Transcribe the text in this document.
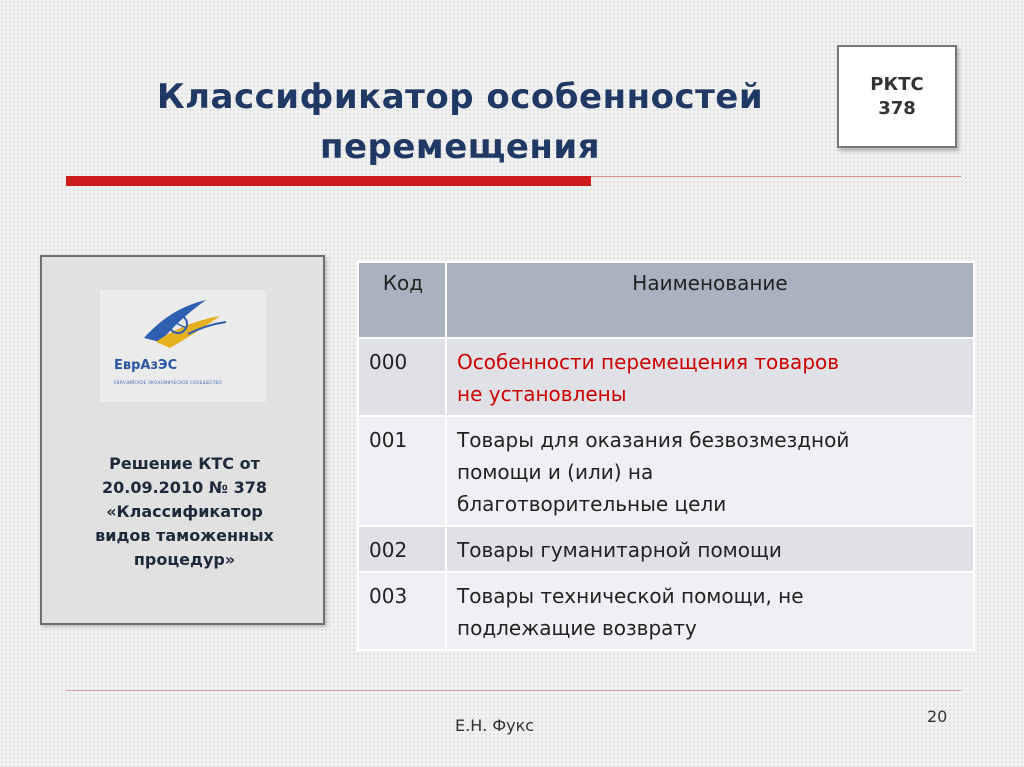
Классификатор особенностей
перемещения
РКТС
378
ЕврАзЭС
ЕВРАЗИЙСКОЕ ЭКОНОМИЧЕСКОЕ СООБЩЕСТВО
Решение КТС от
20.09.2010 № 378
«Классификатор
видов таможенных
процедур»
Код	Наименование
000	Особенности перемещения товаров
не установлены

001	Товары для оказания безвозмездной
помощи и (или) на
благотворительные цели

002	Товары гуманитарной помощи

003	Товары технической помощи, не
подлежащие возврату
Е.Н. Фукс	20
